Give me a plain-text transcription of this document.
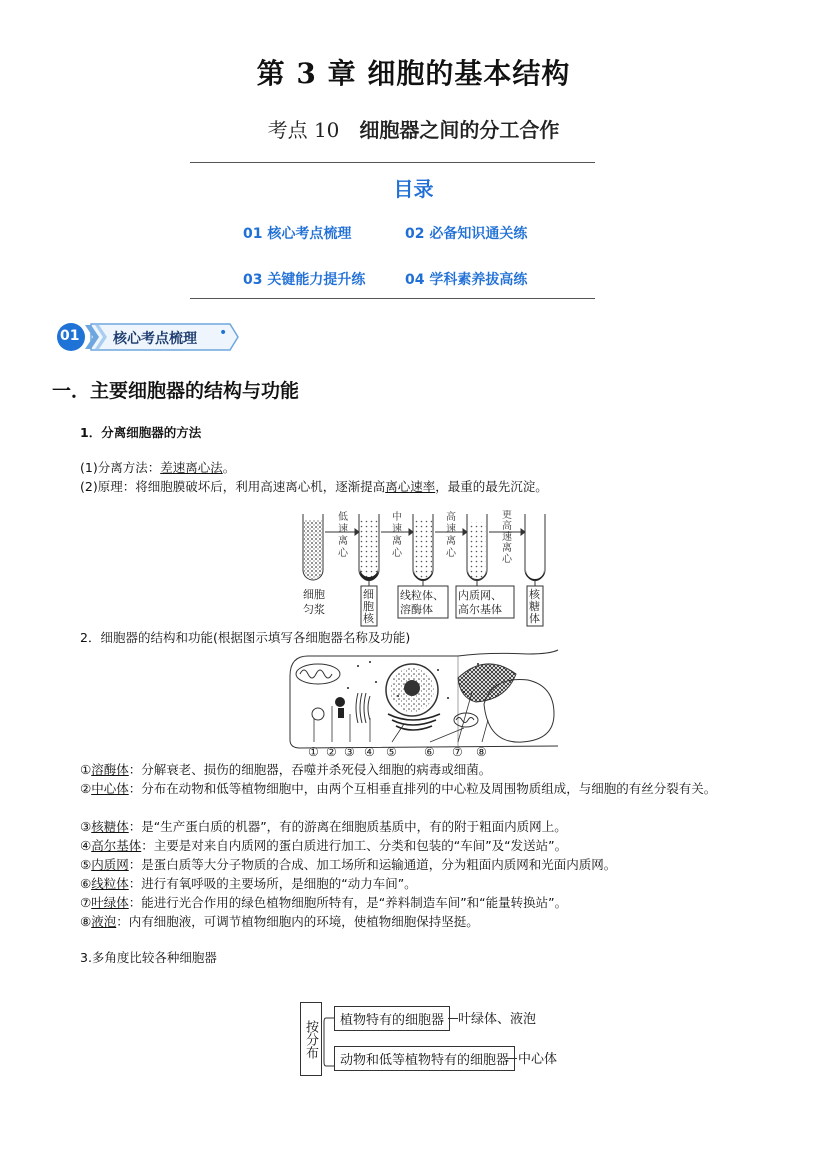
第 3 章 细胞的基本结构
考点 10 细胞器之间的分工合作
目录
01 核心考点梳理	02 必备知识通关练
03 关键能力提升练	04 学科素养拔高练
01 核心考点梳理 •
一．主要细胞器的结构与功能
1．分离细胞器的方法
(1)分离方法：差速离心法。
(2)原理：将细胞膜破坏后，利用高速离心机，逐渐提高离心速率，最重的最先沉淀。
低速离心
中速离心
高速离心
更高速离心
细胞匀浆
细胞核
线粒体、溶酶体
内质网、高尔基体
核糖体
2．细胞器的结构和功能(根据图示填写各细胞器名称及功能)
① ② ③ ④ ⑤ ⑥ ⑦ ⑧
①溶酶体：分解衰老、损伤的细胞器，吞噬并杀死侵入细胞的病毒或细菌。
②中心体：分布在动物和低等植物细胞中，由两个互相垂直排列的中心粒及周围物质组成，与细胞的有丝分裂有关。
③核糖体：是“生产蛋白质的机器”，有的游离在细胞质基质中，有的附于粗面内质网上。
④高尔基体：主要是对来自内质网的蛋白质进行加工、分类和包装的“车间”及“发送站”。
⑤内质网：是蛋白质等大分子物质的合成、加工场所和运输通道，分为粗面内质网和光面内质网。
⑥线粒体：进行有氧呼吸的主要场所，是细胞的“动力车间”。
⑦叶绿体：能进行光合作用的绿色植物细胞所特有，是“养料制造车间”和“能量转换站”。
⑧液泡：内有细胞液，可调节植物细胞内的环境，使植物细胞保持坚挺。
3.多角度比较各种细胞器
按分布	植物特有的细胞器	叶绿体、液泡
动物和低等植物特有的细胞器 中心体
